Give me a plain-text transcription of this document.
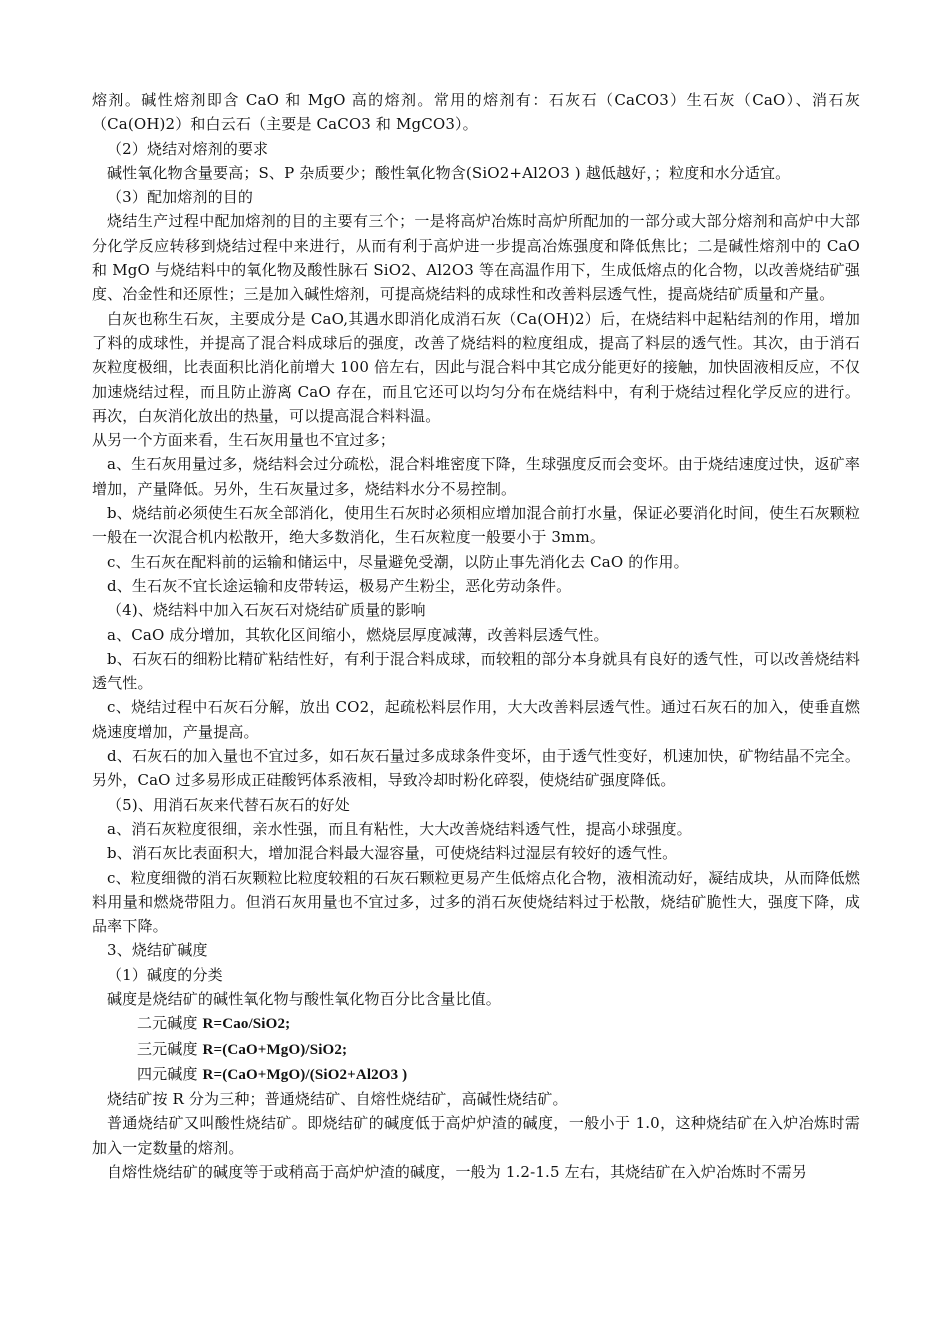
熔剂。碱性熔剂即含 CaO 和 MgO 高的熔剂。常用的熔剂有：石灰石（CaCO3）生石灰（CaO）、消石灰（Ca(OH)2）和白云石（主要是 CaCO3 和 MgCO3）。

（2）烧结对熔剂的要求

碱性氧化物含量要高；S、P 杂质要少；酸性氧化物含(SiO2+Al2O3 ) 越低越好，；粒度和水分适宜。

（3）配加熔剂的目的

烧结生产过程中配加熔剂的目的主要有三个；一是将高炉冶炼时高炉所配加的一部分或大部分熔剂和高炉中大部分化学反应转移到烧结过程中来进行，从而有利于高炉进一步提高冶炼强度和降低焦比；二是碱性熔剂中的 CaO 和 MgO 与烧结料中的氧化物及酸性脉石 SiO2、Al2O3 等在高温作用下，生成低熔点的化合物，以改善烧结矿强度、冶金性和还原性；三是加入碱性熔剂，可提高烧结料的成球性和改善料层透气性，提高烧结矿质量和产量。

白灰也称生石灰，主要成分是 CaO,其遇水即消化成消石灰（Ca(OH)2）后，在烧结料中起粘结剂的作用，增加了料的成球性，并提高了混合料成球后的强度，改善了烧结料的粒度组成，提高了料层的透气性。其次，由于消石灰粒度极细，比表面积比消化前增大 100 倍左右，因此与混合料中其它成分能更好的接触，加快固液相反应，不仅加速烧结过程，而且防止游离 CaO 存在，而且它还可以均匀分布在烧结料中，有利于烧结过程化学反应的进行。再次，白灰消化放出的热量，可以提高混合料料温。

从另一个方面来看，生石灰用量也不宜过多；

a、生石灰用量过多，烧结料会过分疏松，混合料堆密度下降，生球强度反而会变坏。由于烧结速度过快，返矿率增加，产量降低。另外，生石灰量过多，烧结料水分不易控制。

b、烧结前必须使生石灰全部消化，使用生石灰时必须相应增加混合前打水量，保证必要消化时间，使生石灰颗粒一般在一次混合机内松散开，绝大多数消化，生石灰粒度一般要小于 3mm。

c、生石灰在配料前的运输和储运中，尽量避免受潮，以防止事先消化去 CaO 的作用。

d、生石灰不宜长途运输和皮带转运，极易产生粉尘，恶化劳动条件。

（4)、烧结料中加入石灰石对烧结矿质量的影响

a、CaO 成分增加，其软化区间缩小，燃烧层厚度减薄，改善料层透气性。

b、石灰石的细粉比精矿粘结性好，有利于混合料成球，而较粗的部分本身就具有良好的透气性，可以改善烧结料透气性。

c、烧结过程中石灰石分解，放出 CO2，起疏松料层作用，大大改善料层透气性。通过石灰石的加入，使垂直燃烧速度增加，产量提高。

d、石灰石的加入量也不宜过多，如石灰石量过多成球条件变坏，由于透气性变好，机速加快，矿物结晶不完全。另外，CaO 过多易形成正硅酸钙体系液相，导致冷却时粉化碎裂，使烧结矿强度降低。

（5)、用消石灰来代替石灰石的好处

a、消石灰粒度很细，亲水性强，而且有粘性，大大改善烧结料透气性，提高小球强度。

b、消石灰比表面积大，增加混合料最大湿容量，可使烧结料过湿层有较好的透气性。

c、粒度细微的消石灰颗粒比粒度较粗的石灰石颗粒更易产生低熔点化合物，液相流动好，凝结成块，从而降低燃料用量和燃烧带阻力。但消石灰用量也不宜过多，过多的消石灰使烧结料过于松散，烧结矿脆性大，强度下降，成品率下降。

3、烧结矿碱度

（1）碱度的分类

碱度是烧结矿的碱性氧化物与酸性氧化物百分比含量比值。

二元碱度 R=Cao/SiO2;

三元碱度 R=(CaO+MgO)/SiO2;

四元碱度 R=(CaO+MgO)/(SiO2+Al2O3 )

烧结矿按 R 分为三种；普通烧结矿、自熔性烧结矿，高碱性烧结矿。

普通烧结矿又叫酸性烧结矿。即烧结矿的碱度低于高炉炉渣的碱度，一般小于 1.0，这种烧结矿在入炉冶炼时需加入一定数量的熔剂。

自熔性烧结矿的碱度等于或稍高于高炉炉渣的碱度，一般为 1.2-1.5 左右，其烧结矿在入炉冶炼时不需另
